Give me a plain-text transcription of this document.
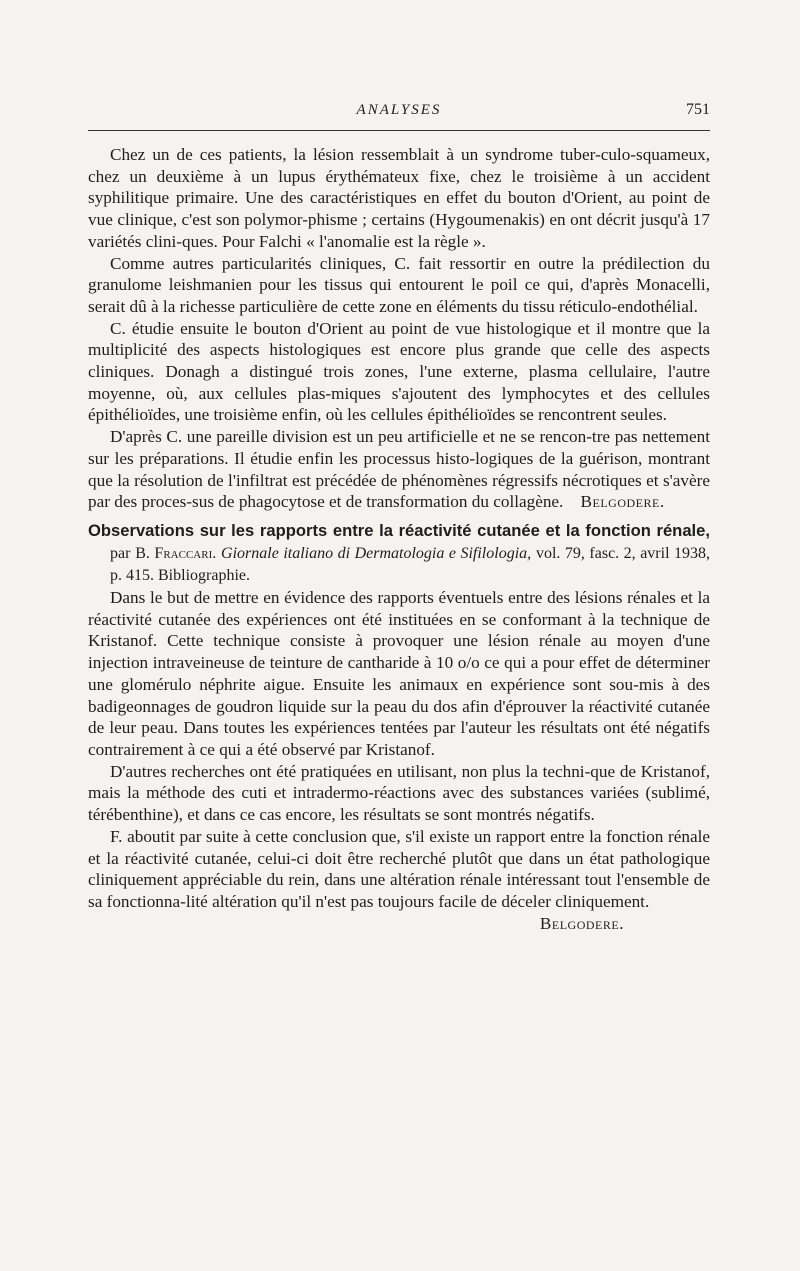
ANALYSES	751

Chez un de ces patients, la lésion ressemblait à un syndrome tuber-culo-squameux, chez un deuxième à un lupus érythémateux fixe, chez le troisième à un accident syphilitique primaire. Une des caractéristiques en effet du bouton d'Orient, au point de vue clinique, c'est son polymor-phisme ; certains (Hygoumenakis) en ont décrit jusqu'à 17 variétés clini-ques. Pour Falchi « l'anomalie est la règle ».

Comme autres particularités cliniques, C. fait ressortir en outre la prédilection du granulome leishmanien pour les tissus qui entourent le poil ce qui, d'après Monacelli, serait dû à la richesse particulière de cette zone en éléments du tissu réticulo-endothélial.

C. étudie ensuite le bouton d'Orient au point de vue histologique et il montre que la multiplicité des aspects histologiques est encore plus grande que celle des aspects cliniques. Donagh a distingué trois zones, l'une externe, plasma cellulaire, l'autre moyenne, où, aux cellules plas-miques s'ajoutent des lymphocytes et des cellules épithélioïdes, une troisième enfin, où les cellules épithélioïdes se rencontrent seules.

D'après C. une pareille division est un peu artificielle et ne se rencon-tre pas nettement sur les préparations. Il étudie enfin les processus histo-logiques de la guérison, montrant que la résolution de l'infiltrat est précédée de phénomènes régressifs nécrotiques et s'avère par des proces-sus de phagocytose et de transformation du collagène. Belgodere.

Observations sur les rapports entre la réactivité cutanée et la fonction rénale, par B. Fraccari. Giornale italiano di Dermatologia e Sifilologia, vol. 79, fasc. 2, avril 1938, p. 415. Bibliographie.

Dans le but de mettre en évidence des rapports éventuels entre des lésions rénales et la réactivité cutanée des expériences ont été instituées en se conformant à la technique de Kristanof. Cette technique consiste à provoquer une lésion rénale au moyen d'une injection intraveineuse de teinture de cantharide à 10 o/o ce qui a pour effet de déterminer une glomérulo néphrite aigue. Ensuite les animaux en expérience sont sou-mis à des badigeonnages de goudron liquide sur la peau du dos afin d'éprouver la réactivité cutanée de leur peau. Dans toutes les expériences tentées par l'auteur les résultats ont été négatifs contrairement à ce qui a été observé par Kristanof.

D'autres recherches ont été pratiquées en utilisant, non plus la techni-que de Kristanof, mais la méthode des cuti et intradermo-réactions avec des substances variées (sublimé, térébenthine), et dans ce cas encore, les résultats se sont montrés négatifs.

F. aboutit par suite à cette conclusion que, s'il existe un rapport entre la fonction rénale et la réactivité cutanée, celui-ci doit être recherché plutôt que dans un état pathologique cliniquement appréciable du rein, dans une altération rénale intéressant tout l'ensemble de sa fonctionna-lité altération qu'il n'est pas toujours facile de déceler cliniquement.

Belgodere.
